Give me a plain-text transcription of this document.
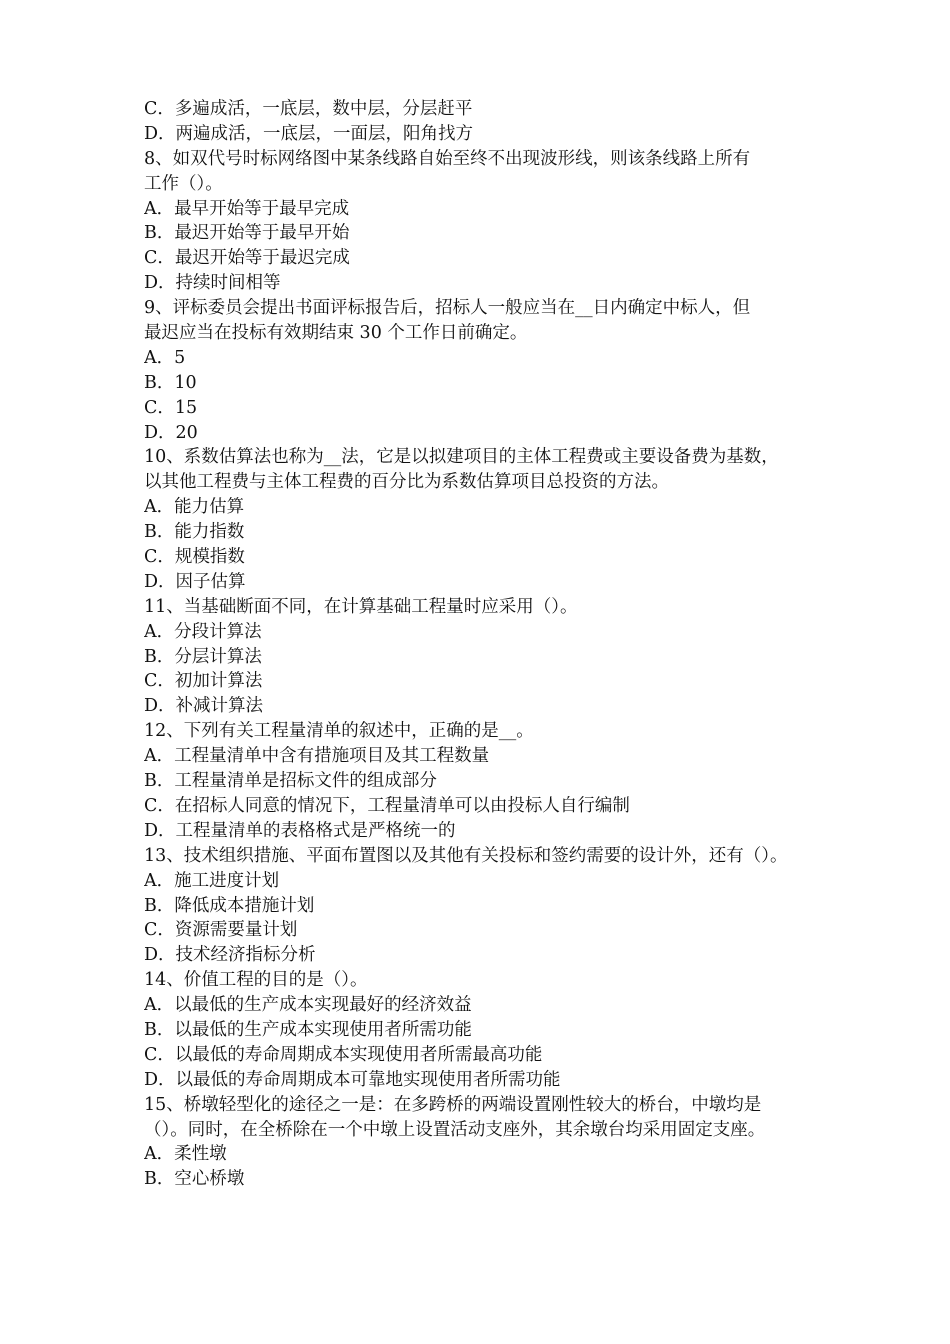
C．多遍成活，一底层，数中层，分层赶平
D．两遍成活，一底层，一面层，阳角找方
8、如双代号时标网络图中某条线路自始至终不出现波形线，则该条线路上所有
工作（）。
A．最早开始等于最早完成
B．最迟开始等于最早开始
C．最迟开始等于最迟完成
D．持续时间相等
9、评标委员会提出书面评标报告后，招标人一般应当在__日内确定中标人，但
最迟应当在投标有效期结束 30 个工作日前确定。
A．5
B．10
C．15
D．20
10、系数估算法也称为__法，它是以拟建项目的主体工程费或主要设备费为基数，
以其他工程费与主体工程费的百分比为系数估算项目总投资的方法。
A．能力估算
B．能力指数
C．规模指数
D．因子估算
11、当基础断面不同，在计算基础工程量时应采用（）。
A．分段计算法
B．分层计算法
C．初加计算法
D．补减计算法
12、下列有关工程量清单的叙述中，正确的是__。
A．工程量清单中含有措施项目及其工程数量
B．工程量清单是招标文件的组成部分
C．在招标人同意的情况下，工程量清单可以由投标人自行编制
D．工程量清单的表格格式是严格统一的
13、技术组织措施、平面布置图以及其他有关投标和签约需要的设计外，还有（）。
A．施工进度计划
B．降低成本措施计划
C．资源需要量计划
D．技术经济指标分析
14、价值工程的目的是（）。
A．以最低的生产成本实现最好的经济效益
B．以最低的生产成本实现使用者所需功能
C．以最低的寿命周期成本实现使用者所需最高功能
D．以最低的寿命周期成本可靠地实现使用者所需功能
15、桥墩轻型化的途径之一是：在多跨桥的两端设置刚性较大的桥台，中墩均是
（）。同时，在全桥除在一个中墩上设置活动支座外，其余墩台均采用固定支座。
A．柔性墩
B．空心桥墩
